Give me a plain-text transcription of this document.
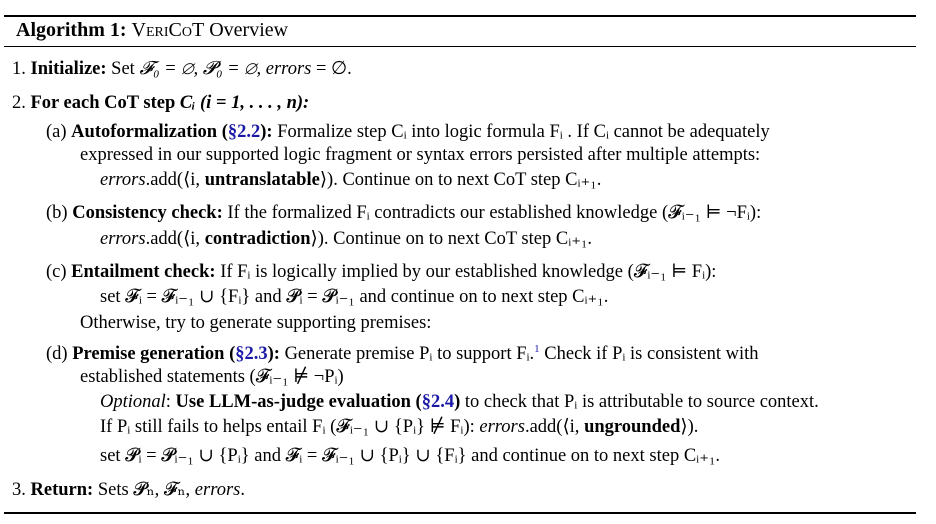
Algorithm 1: VeriCoT Overview
1. Initialize: Set 𝓕₀ = ∅, 𝓟₀ = ∅, errors = ∅.
2. For each CoT step Cᵢ (i = 1, . . . , n):
(a) Autoformalization (§2.2): Formalize step Cᵢ into logic formula Fᵢ . If Cᵢ cannot be adequately
expressed in our supported logic fragment or syntax errors persisted after multiple attempts:
errors.add(⟨i, untranslatable⟩). Continue on to next CoT step Cᵢ₊₁.
(b) Consistency check: If the formalized Fᵢ contradicts our established knowledge (𝓕ᵢ₋₁ ⊨ ¬Fᵢ):
errors.add(⟨i, contradiction⟩). Continue on to next CoT step Cᵢ₊₁.
(c) Entailment check: If Fᵢ is logically implied by our established knowledge (𝓕ᵢ₋₁ ⊨ Fᵢ):
set 𝓕ᵢ = 𝓕ᵢ₋₁ ∪ {Fᵢ} and 𝓟ᵢ = 𝓟ᵢ₋₁ and continue on to next step Cᵢ₊₁.
Otherwise, try to generate supporting premises:
(d) Premise generation (§2.3): Generate premise Pᵢ to support Fᵢ.$^1$ Check if Pᵢ is consistent with
established statements (𝓕ᵢ₋₁ ⊭ ¬Pᵢ)
Optional: Use LLM-as-judge evaluation (§2.4) to check that Pᵢ is attributable to source context.
If Pᵢ still fails to helps entail Fᵢ (𝓕ᵢ₋₁ ∪ {Pᵢ} ⊭ Fᵢ): errors.add(⟨i, ungrounded⟩).
set 𝓟ᵢ = 𝓟ᵢ₋₁ ∪ {Pᵢ} and 𝓕ᵢ = 𝓕ᵢ₋₁ ∪ {Pᵢ} ∪ {Fᵢ} and continue on to next step Cᵢ₊₁.
3. Return: Sets 𝓟ₙ, 𝓕ₙ, errors.
